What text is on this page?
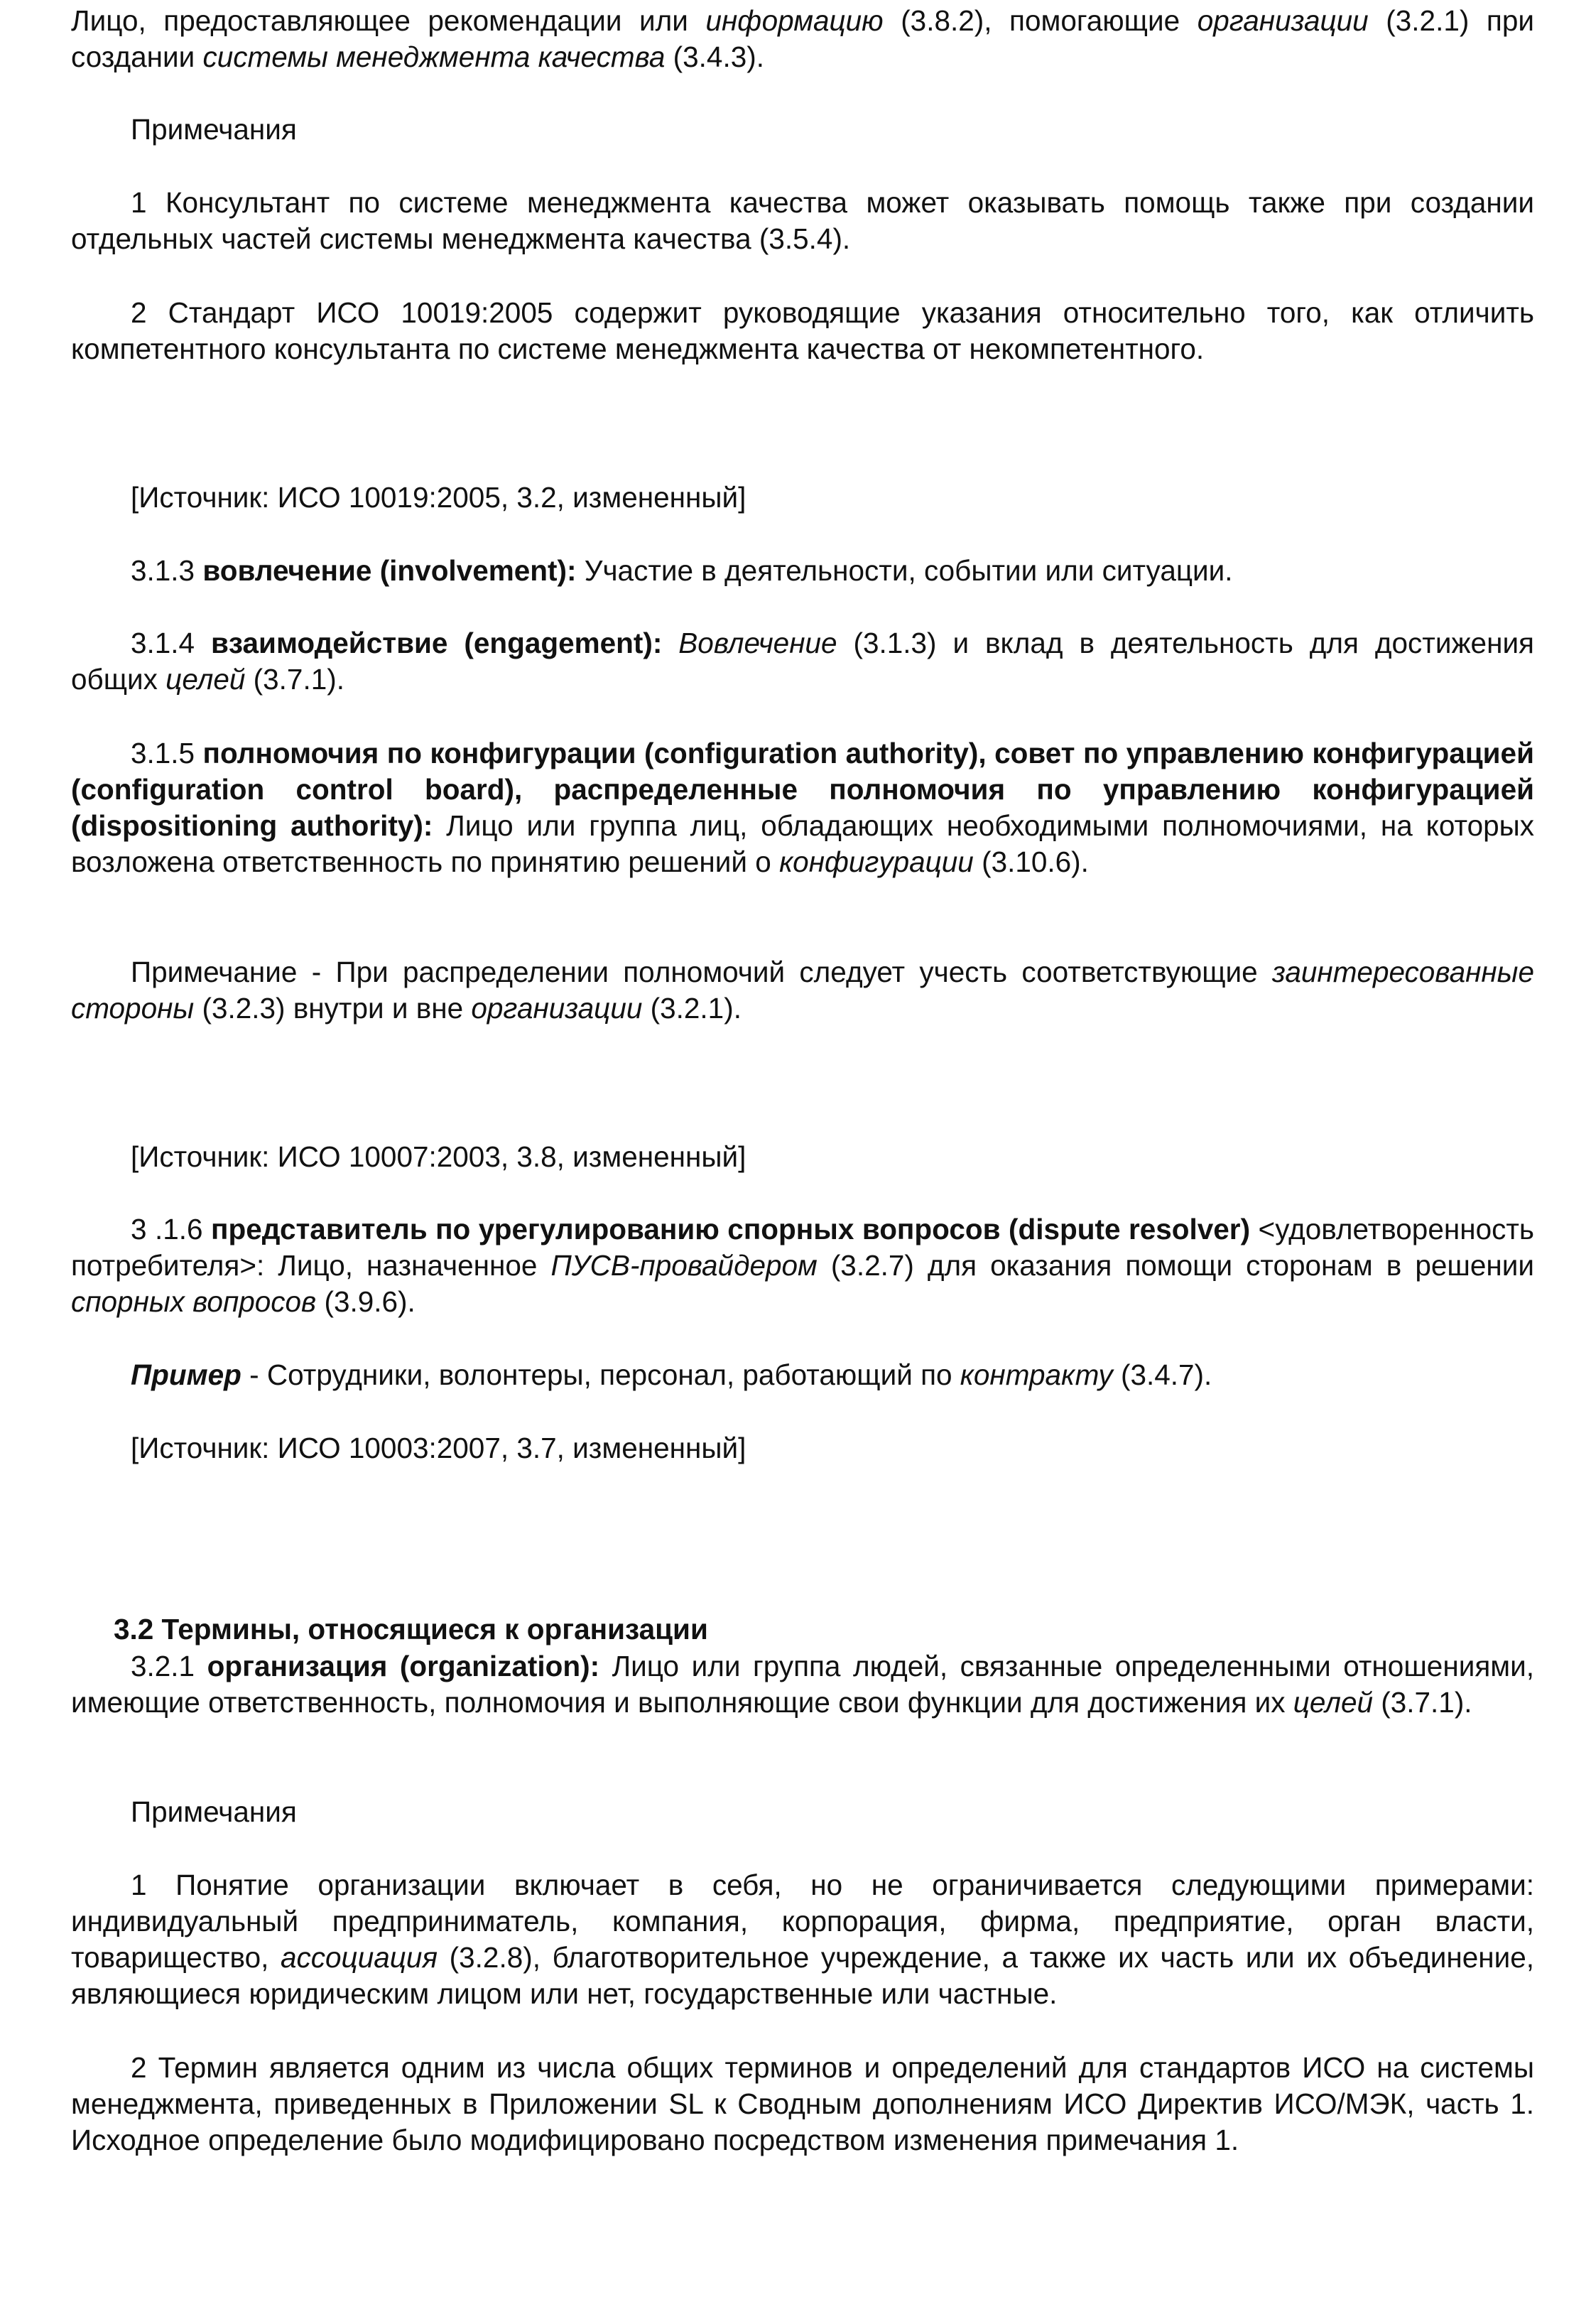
Лицо, предоставляющее рекомендации или информацию (3.8.2), помогающие организации (3.2.1) при создании системы менеджмента качества (3.4.3).

Примечания

1 Консультант по системе менеджмента качества может оказывать помощь также при создании отдельных частей системы менеджмента качества (3.5.4).

2 Стандарт ИСО 10019:2005 содержит руководящие указания относительно того, как отличить компетентного консультанта по системе менеджмента качества от некомпетентного.

[Источник: ИСО 10019:2005, 3.2, измененный]

3.1.3 вовлечение (involvement): Участие в деятельности, событии или ситуации.

3.1.4 взаимодействие (engagement): Вовлечение (3.1.3) и вклад в деятельность для достижения общих целей (3.7.1).

3.1.5 полномочия по конфигурации (configuration authority), совет по управлению конфигурацией (configuration control board), распределенные полномочия по управлению конфигурацией (dispositioning authority): Лицо или группа лиц, обладающих необходимыми полномочиями, на которых возложена ответственность по принятию решений о конфигурации (3.10.6).

Примечание - При распределении полномочий следует учесть соответствующие заинтересованные стороны (3.2.3) внутри и вне организации (3.2.1).

[Источник: ИСО 10007:2003, 3.8, измененный]

3 .1.6 представитель по урегулированию спорных вопросов (dispute resolver) <удовлетворенность потребителя>: Лицо, назначенное ПУСВ-провайдером (3.2.7) для оказания помощи сторонам в решении спорных вопросов (3.9.6).

Пример - Сотрудники, волонтеры, персонал, работающий по контракту (3.4.7).

[Источник: ИСО 10003:2007, 3.7, измененный]

3.2 Термины, относящиеся к организации

3.2.1 организация (organization): Лицо или группа людей, связанные определенными отношениями, имеющие ответственность, полномочия и выполняющие свои функции для достижения их целей (3.7.1).

Примечания

1 Понятие организации включает в себя, но не ограничивается следующими примерами: индивидуальный предприниматель, компания, корпорация, фирма, предприятие, орган власти, товарищество, ассоциация (3.2.8), благотворительное учреждение, а также их часть или их объединение, являющиеся юридическим лицом или нет, государственные или частные.

2 Термин является одним из числа общих терминов и определений для стандартов ИСО на системы менеджмента, приведенных в Приложении SL к Сводным дополнениям ИСО Директив ИСО/МЭК, часть 1. Исходное определение было модифицировано посредством изменения примечания 1.
